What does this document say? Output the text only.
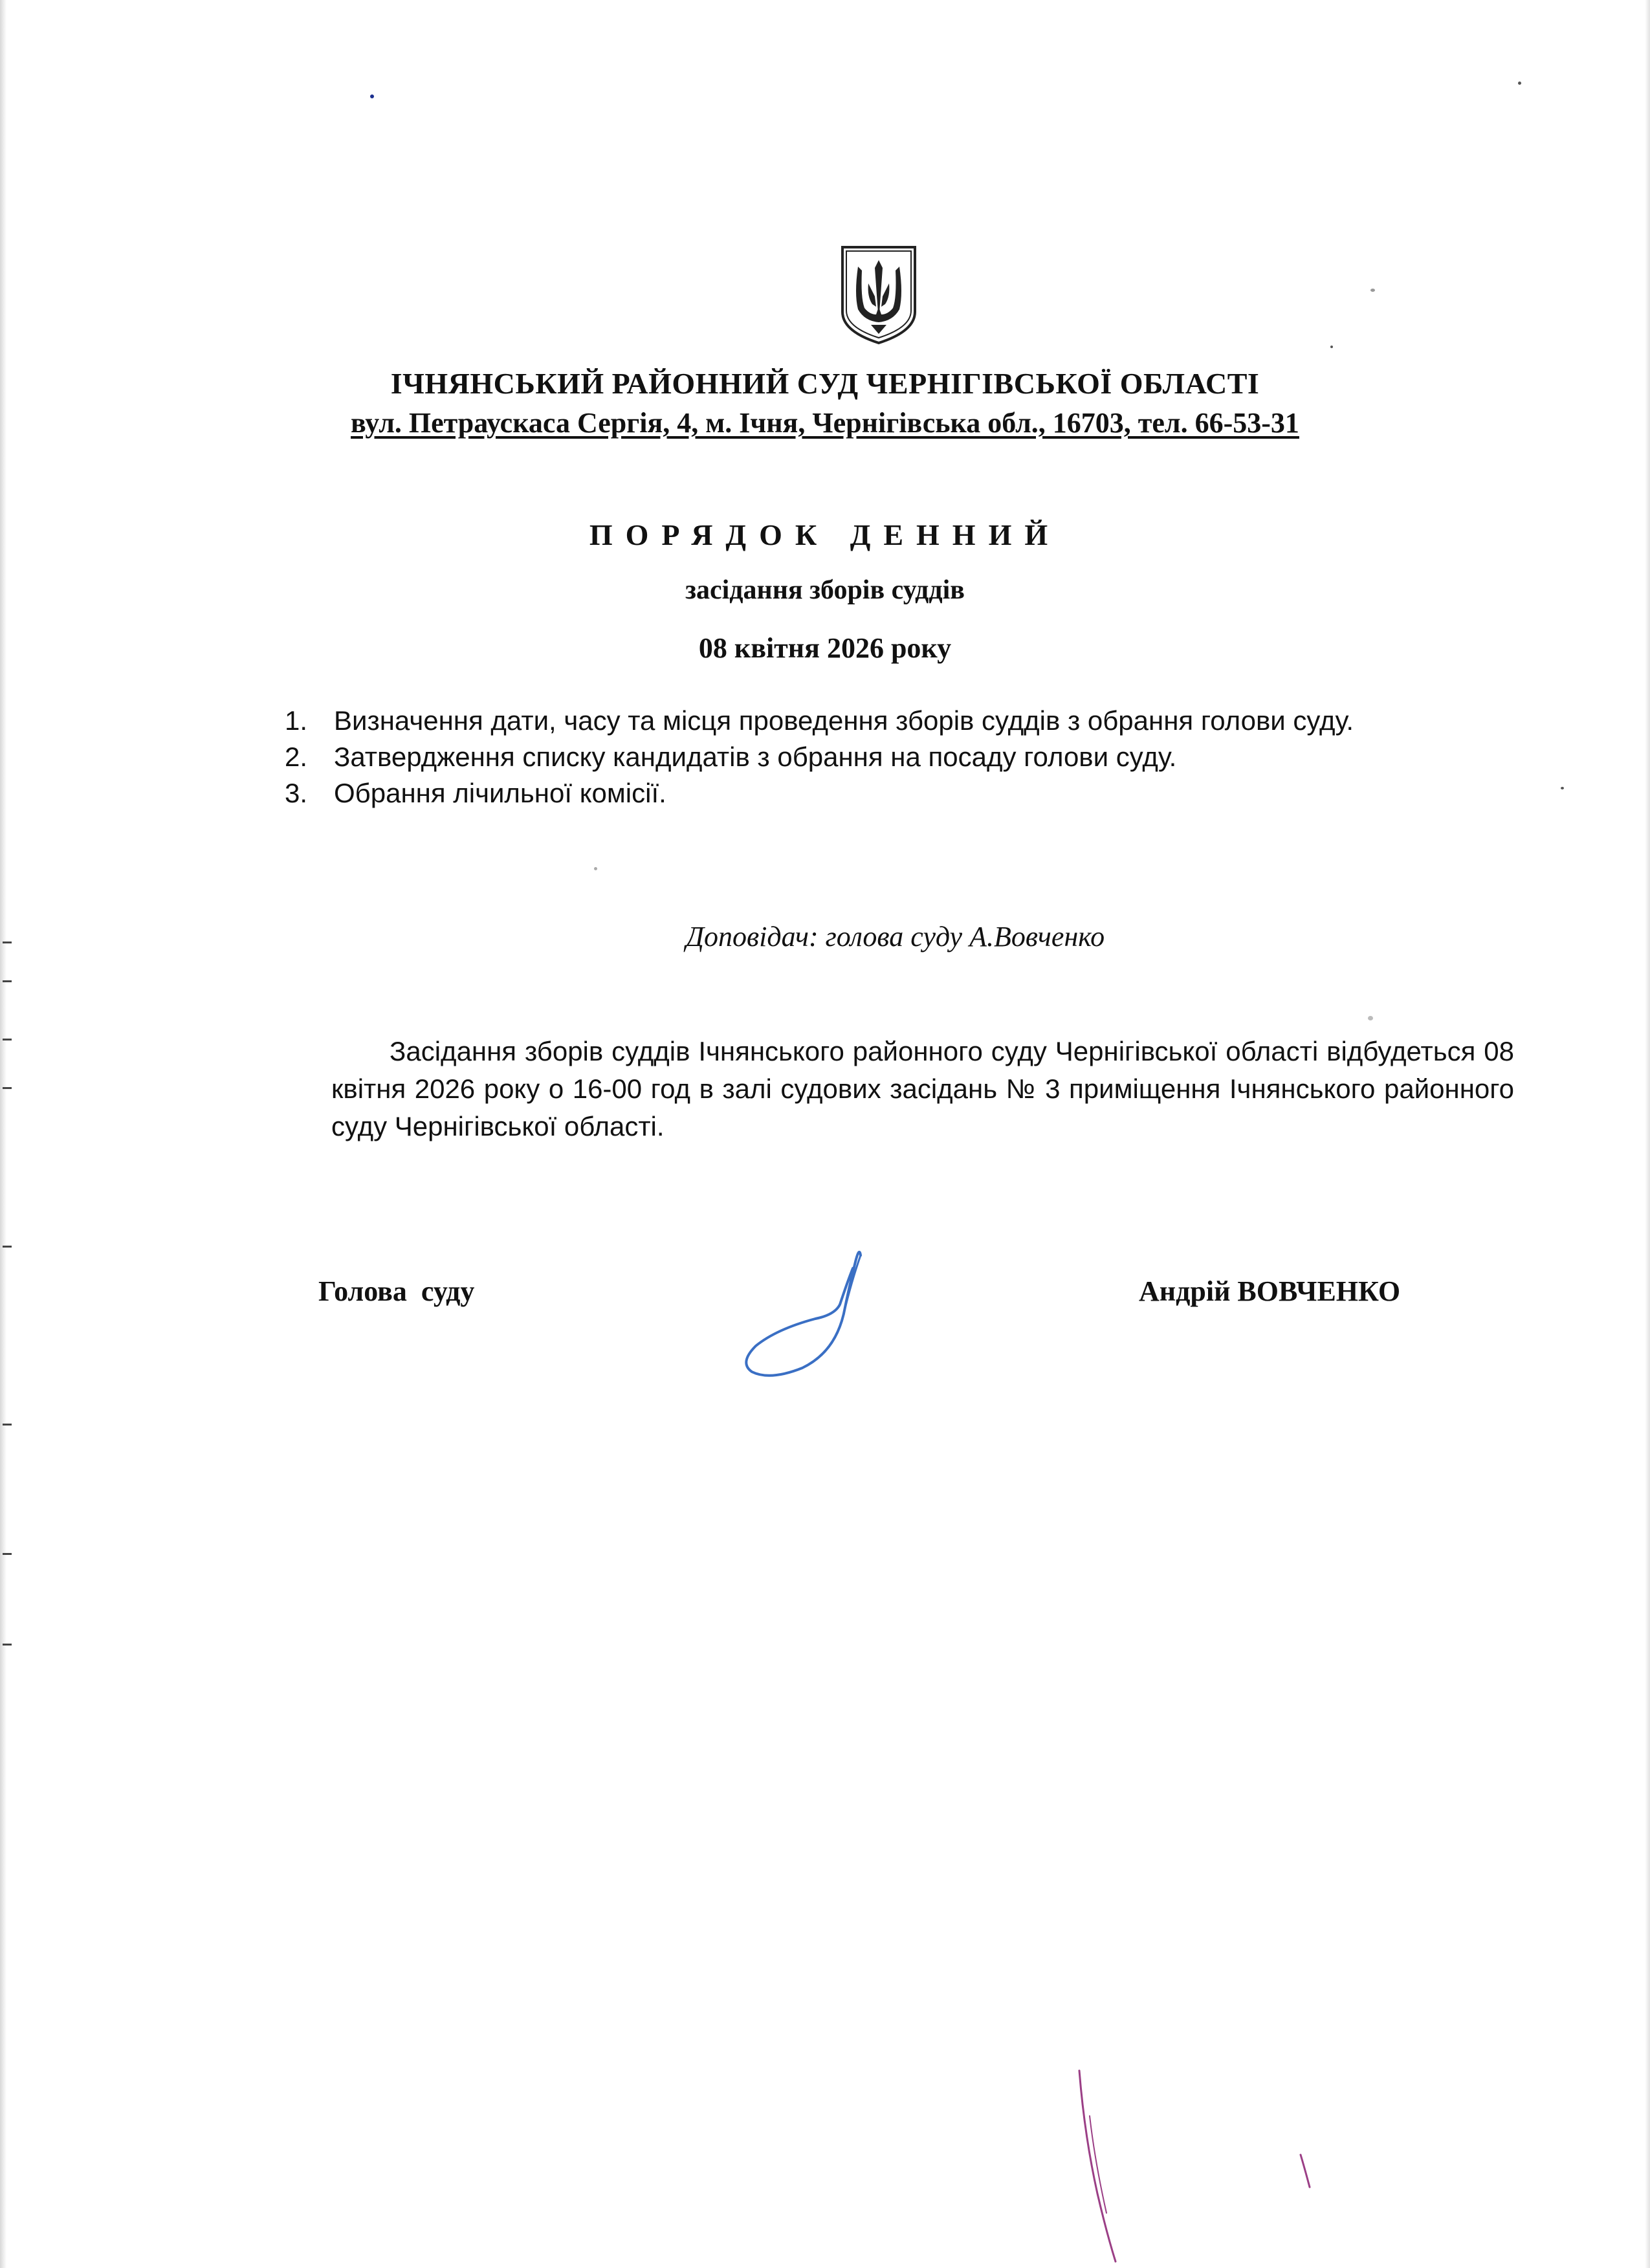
ІЧНЯНСЬКИЙ РАЙОННИЙ СУД ЧЕРНІГІВСЬКОЇ ОБЛАСТІ
вул. Петраускаса Сергія, 4, м. Ічня, Чернігівська обл., 16703, тел. 66-53-31
ПОРЯДОК ДЕННИЙ
засідання зборів суддів
08 квітня 2026 року
1. Визначення дати, часу та місця проведення зборів суддів з обрання голови суду.
2. Затвердження списку кандидатів з обрання на посаду голови суду.
3. Обрання лічильної комісії.
Доповідач: голова суду А.Вовченко

Засідання зборів суддів Ічнянського районного суду Чернігівської області відбудеться 08 квітня 2026 року о 16-00 год в залі судових засідань № 3 приміщення Ічнянського районного суду Чернігівської області.

Голова  суду	Андрій ВОВЧЕНКО
